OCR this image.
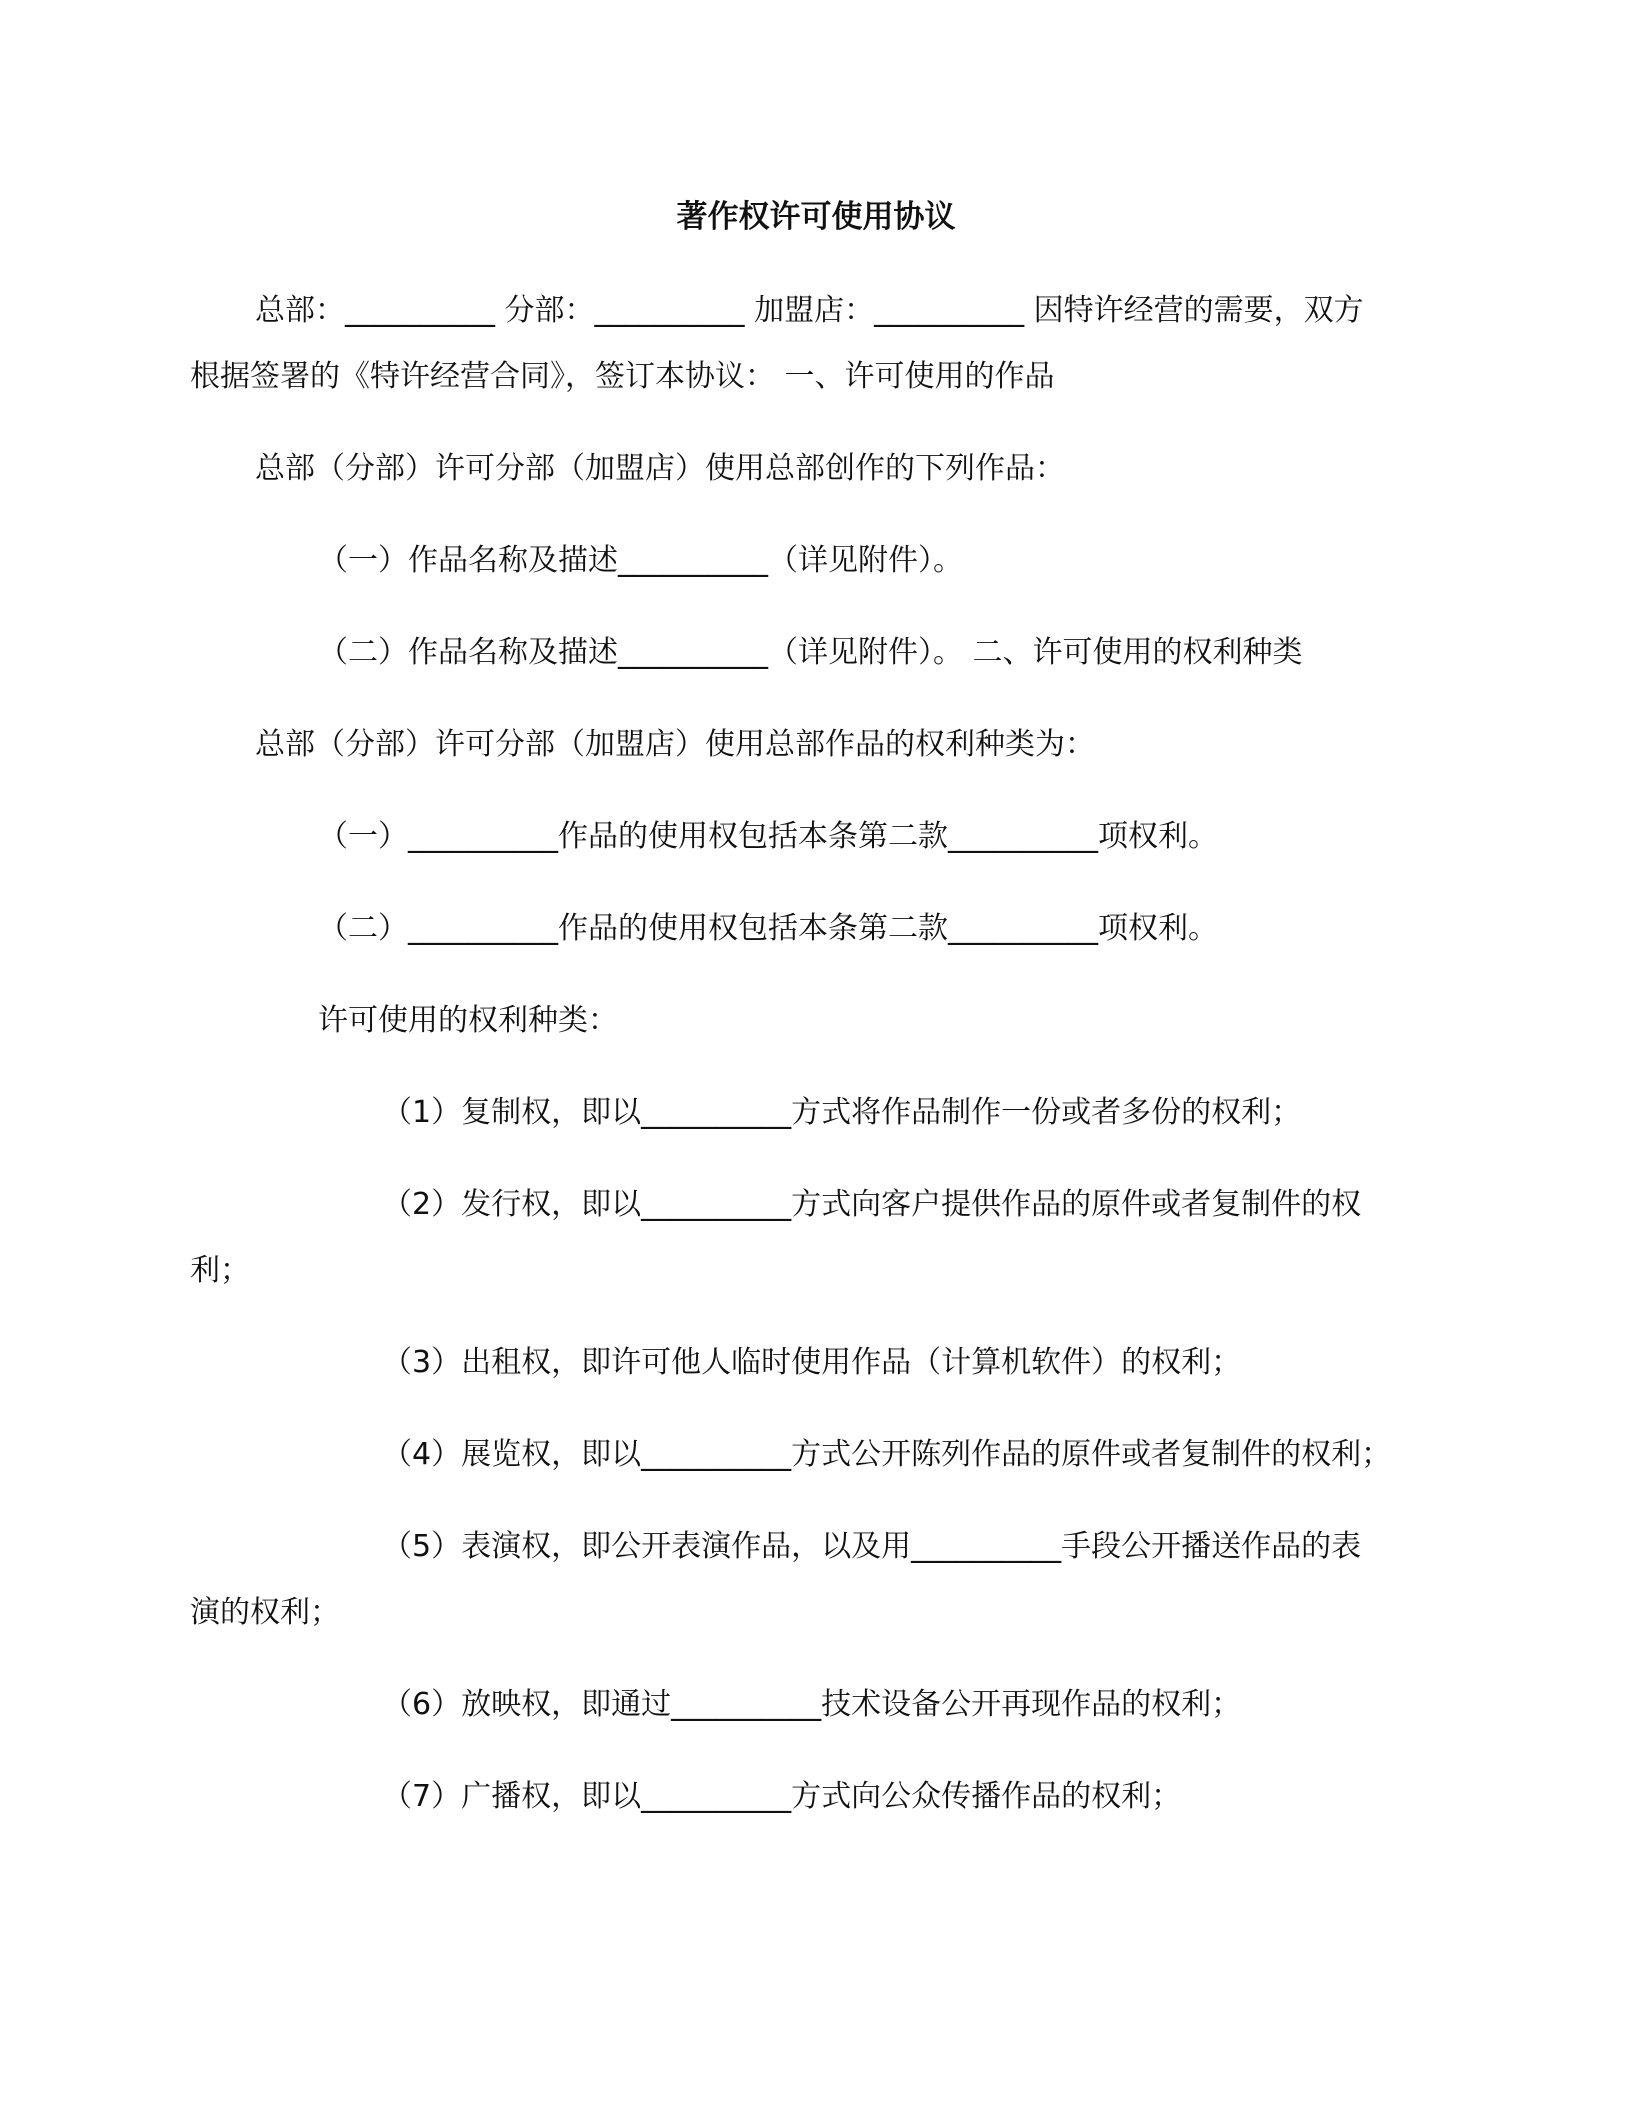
著作权许可使用协议
总部：__________ 分部：__________ 加盟店：__________ 因特许经营的需要，双方
根据签署的《特许经营合同》，签订本协议： 一、许可使用的作品
总部（分部）许可分部（加盟店）使用总部创作的下列作品：
（一）作品名称及描述__________（详见附件）。
（二）作品名称及描述__________（详见附件）。 二、许可使用的权利种类
总部（分部）许可分部（加盟店）使用总部作品的权利种类为：
（一）__________作品的使用权包括本条第二款__________项权利。
（二）__________作品的使用权包括本条第二款__________项权利。
许可使用的权利种类：
（1）复制权，即以__________方式将作品制作一份或者多份的权利；
（2）发行权，即以__________方式向客户提供作品的原件或者复制件的权
利；
（3）出租权，即许可他人临时使用作品（计算机软件）的权利；
（4）展览权，即以__________方式公开陈列作品的原件或者复制件的权利；
（5）表演权，即公开表演作品，以及用__________手段公开播送作品的表
演的权利；
（6）放映权，即通过__________技术设备公开再现作品的权利；
（7）广播权，即以__________方式向公众传播作品的权利；
